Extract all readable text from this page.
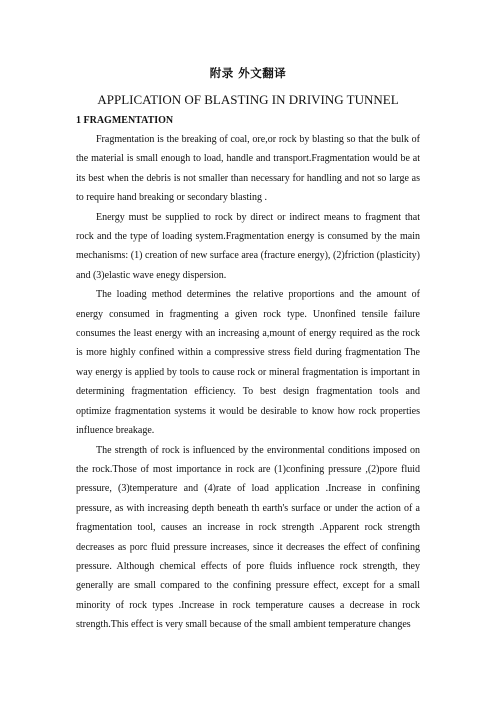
附录 外文翻译
APPLICATION OF BLASTING IN DRIVING TUNNEL
1 FRAGMENTATION

Fragmentation is the breaking of coal, ore,or rock by blasting so that the bulk of the material is small enough to load, handle and transport.Fragmentation would be at its best when the debris is not smaller than necessary for handling and not so large as to require hand breaking or secondary blasting .

Energy must be supplied to rock by direct or indirect means to fragment that rock and the type of loading system.Fragmentation energy is consumed by the main mechanisms: (1) creation of new surface area (fracture energy), (2)friction (plasticity) and (3)elastic wave enegy dispersion.

The loading method determines the relative proportions and the amount of energy consumed in fragmenting a given rock type. Unonfined tensile failure consumes the least energy with an increasing a,mount of energy required as the rock is more highly confined within a compressive stress field during fragmentation The way energy is applied by tools to cause rock or mineral fragmentation is important in determining fragmentation efficiency. To best design fragmentation tools and optimize fragmentation systems it would be desirable to know how rock properties influence breakage.

The strength of rock is influenced by the environmental conditions imposed on the rock.Those of most importance in rock are (1)confining pressure ,(2)pore fluid pressure, (3)temperature and (4)rate of load application .Increase in confining pressure, as with increasing depth beneath th earth's surface or under the action of a fragmentation tool, causes an increase in rock strength .Apparent rock strength decreases as porc fluid pressure increases, since it decreases the effect of confining pressure. Although chemical effects of pore fluids influence rock strength, they generally are small compared to the confining pressure effect, except for a small minority of rock types .Increase in rock temperature causes a decrease in rock strength.This effect is very small because of the small ambient temperature changes
